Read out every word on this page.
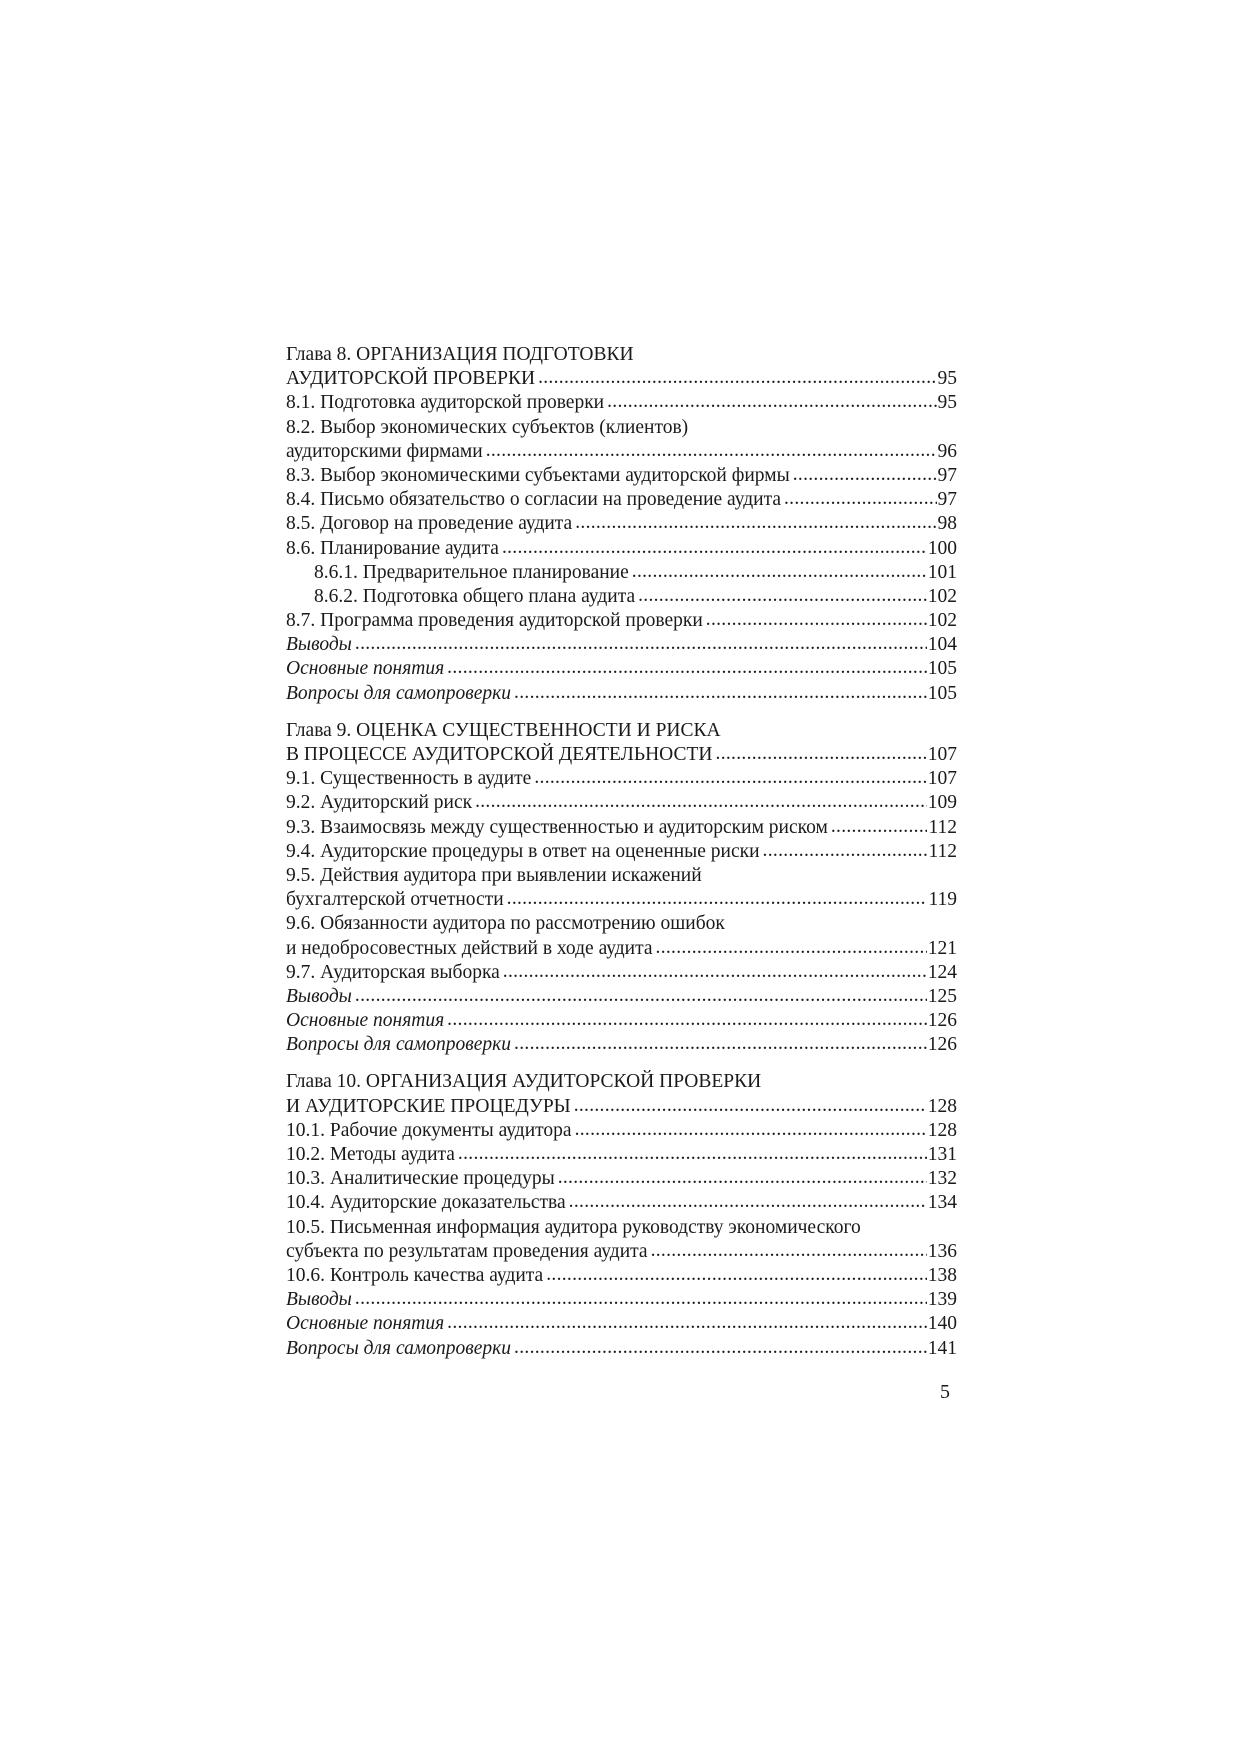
Глава 8. ОРГАНИЗАЦИЯ ПОДГОТОВКИ
АУДИТОРСКОЙ ПРОВЕРКИ .....	95
8.1. Подготовка аудиторской проверки .....	95
8.2. Выбор экономических субъектов (клиентов)
аудиторскими фирмами .....	96
8.3. Выбор экономическими субъектами аудиторской фирмы .....	97
8.4. Письмо обязательство о согласии на проведение аудита .....	97
8.5. Договор на проведение аудита .....	98
8.6. Планирование аудита .....	100
8.6.1. Предварительное планирование .....	101
8.6.2. Подготовка общего плана аудита .....	102
8.7. Программа проведения аудиторской проверки .....	102
Выводы .....	104
Основные понятия .....	105
Вопросы для самопроверки .....	105
Глава 9. ОЦЕНКА СУЩЕСТВЕННОСТИ И РИСКА
В ПРОЦЕССЕ АУДИТОРСКОЙ ДЕЯТЕЛЬНОСТИ .....	107
9.1. Существенность в аудите .....	107
9.2. Аудиторский риск .....	109
9.3. Взаимосвязь между существенностью и аудиторским риском .....	112
9.4. Аудиторские процедуры в ответ на оцененные риски .....	112
9.5. Действия аудитора при выявлении искажений
бухгалтерской отчетности .....	119
9.6. Обязанности аудитора по рассмотрению ошибок
и недобросовестных действий в ходе аудита .....	121
9.7. Аудиторская выборка .....	124
Выводы .....	125
Основные понятия .....	126
Вопросы для самопроверки .....	126
Глава 10. ОРГАНИЗАЦИЯ АУДИТОРСКОЙ ПРОВЕРКИ
И АУДИТОРСКИЕ ПРОЦЕДУРЫ .....	128
10.1. Рабочие документы аудитора .....	128
10.2. Методы аудита .....	131
10.3. Аналитические процедуры .....	132
10.4. Аудиторские доказательства .....	134
10.5. Письменная информация аудитора руководству экономического
субъекта по результатам проведения аудита .....	136
10.6. Контроль качества аудита .....	138
Выводы .....	139
Основные понятия .....	140
Вопросы для самопроверки .....	141
5
